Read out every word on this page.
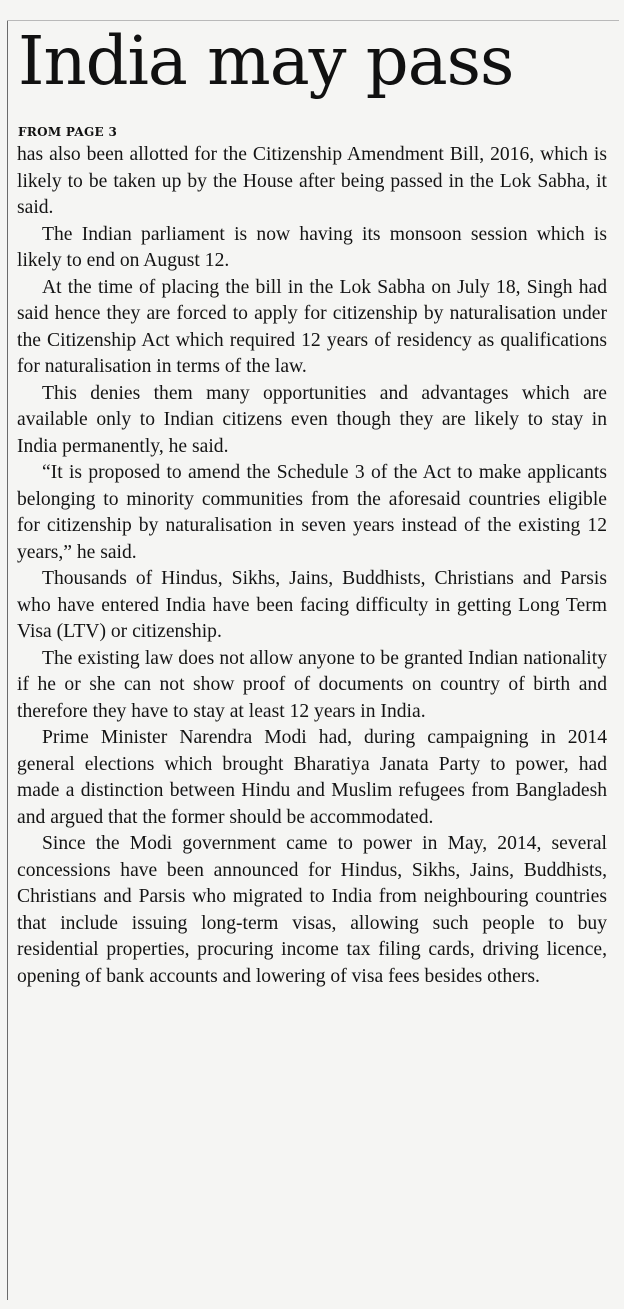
India may pass
FROM PAGE 3

has also been allotted for the Citizenship Amendment Bill, 2016, which is likely to be taken up by the House after being passed in the Lok Sabha, it said.

The Indian parliament is now having its monsoon session which is likely to end on August 12.

At the time of placing the bill in the Lok Sabha on July 18, Singh had said hence they are forced to apply for citizenship by naturalisation under the Citizenship Act which required 12 years of residency as qualifications for naturalisation in terms of the law.

This denies them many opportunities and advantages which are available only to Indian citizens even though they are likely to stay in India permanently, he said.

“It is proposed to amend the Schedule 3 of the Act to make applicants belonging to minority communities from the aforesaid countries eligible for citizenship by naturalisation in seven years instead of the existing 12 years,” he said.

Thousands of Hindus, Sikhs, Jains, Buddhists, Christians and Parsis who have entered India have been facing difficulty in getting Long Term Visa (LTV) or citizenship.

The existing law does not allow anyone to be granted Indian nationality if he or she can not show proof of documents on country of birth and therefore they have to stay at least 12 years in India.

Prime Minister Narendra Modi had, during campaigning in 2014 general elections which brought Bharatiya Janata Party to power, had made a distinction between Hindu and Muslim refugees from Bangladesh and argued that the former should be accommodated.

Since the Modi government came to power in May, 2014, several concessions have been announced for Hindus, Sikhs, Jains, Buddhists, Christians and Parsis who migrated to India from neighbouring countries that include issuing long-term visas, allowing such people to buy residential properties, procuring income tax filing cards, driving licence, opening of bank accounts and lowering of visa fees besides others.
